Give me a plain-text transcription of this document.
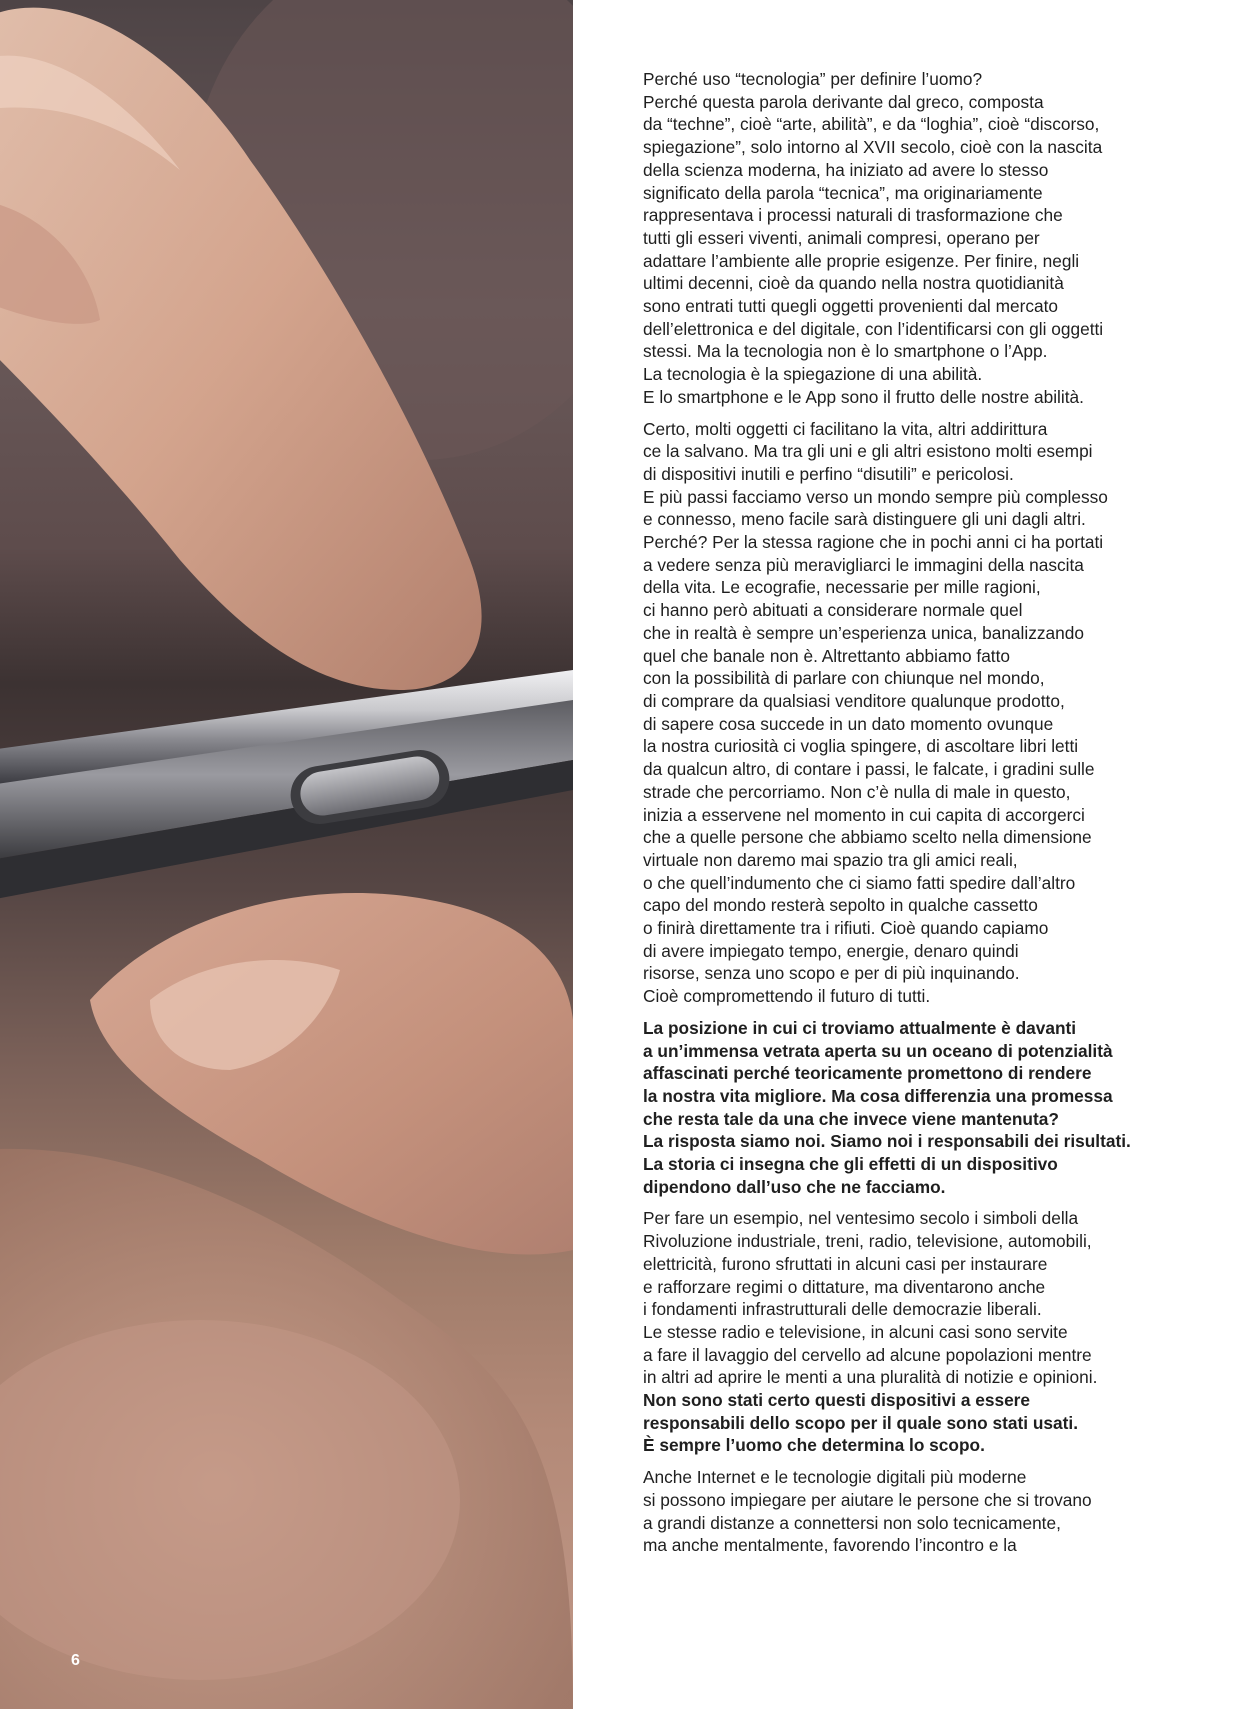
Perché uso “tecnologia” per definire l’uomo?
Perché questa parola derivante dal greco, composta
da “techne”, cioè “arte, abilità”, e da “loghia”, cioè “discorso,
spiegazione”, solo intorno al XVII secolo, cioè con la nascita
della scienza moderna, ha iniziato ad avere lo stesso
significato della parola “tecnica”, ma originariamente
rappresentava i processi naturali di trasformazione che
tutti gli esseri viventi, animali compresi, operano per
adattare l’ambiente alle proprie esigenze. Per finire, negli
ultimi decenni, cioè da quando nella nostra quotidianità
sono entrati tutti quegli oggetti provenienti dal mercato
dell’elettronica e del digitale, con l’identificarsi con gli oggetti
stessi. Ma la tecnologia non è lo smartphone o l’App.
La tecnologia è la spiegazione di una abilità.
E lo smartphone e le App sono il frutto delle nostre abilità.

Certo, molti oggetti ci facilitano la vita, altri addirittura
ce la salvano. Ma tra gli uni e gli altri esistono molti esempi
di dispositivi inutili e perfino “disutili” e pericolosi.
E più passi facciamo verso un mondo sempre più complesso
e connesso, meno facile sarà distinguere gli uni dagli altri.
Perché? Per la stessa ragione che in pochi anni ci ha portati
a vedere senza più meravigliarci le immagini della nascita
della vita. Le ecografie, necessarie per mille ragioni,
ci hanno però abituati a considerare normale quel
che in realtà è sempre un’esperienza unica, banalizzando
quel che banale non è. Altrettanto abbiamo fatto
con la possibilità di parlare con chiunque nel mondo,
di comprare da qualsiasi venditore qualunque prodotto,
di sapere cosa succede in un dato momento ovunque
la nostra curiosità ci voglia spingere, di ascoltare libri letti
da qualcun altro, di contare i passi, le falcate, i gradini sulle
strade che percorriamo. Non c’è nulla di male in questo,
inizia a esservene nel momento in cui capita di accorgerci
che a quelle persone che abbiamo scelto nella dimensione
virtuale non daremo mai spazio tra gli amici reali,
o che quell’indumento che ci siamo fatti spedire dall’altro
capo del mondo resterà sepolto in qualche cassetto
o finirà direttamente tra i rifiuti. Cioè quando capiamo
di avere impiegato tempo, energie, denaro quindi
risorse, senza uno scopo e per di più inquinando.
Cioè compromettendo il futuro di tutti.

La posizione in cui ci troviamo attualmente è davanti
a un’immensa vetrata aperta su un oceano di potenzialità
affascinati perché teoricamente promettono di rendere
la nostra vita migliore. Ma cosa differenzia una promessa
che resta tale da una che invece viene mantenuta?
La risposta siamo noi. Siamo noi i responsabili dei risultati.
La storia ci insegna che gli effetti di un dispositivo
dipendono dall’uso che ne facciamo.

Per fare un esempio, nel ventesimo secolo i simboli della
Rivoluzione industriale, treni, radio, televisione, automobili,
elettricità, furono sfruttati in alcuni casi per instaurare
e rafforzare regimi o dittature, ma diventarono anche
i fondamenti infrastrutturali delle democrazie liberali.
Le stesse radio e televisione, in alcuni casi sono servite
a fare il lavaggio del cervello ad alcune popolazioni mentre
in altri ad aprire le menti a una pluralità di notizie e opinioni.
Non sono stati certo questi dispositivi a essere
responsabili dello scopo per il quale sono stati usati.
È sempre l’uomo che determina lo scopo.

Anche Internet e le tecnologie digitali più moderne
si possono impiegare per aiutare le persone che si trovano
a grandi distanze a connettersi non solo tecnicamente,
ma anche mentalmente, favorendo l’incontro e la

6
